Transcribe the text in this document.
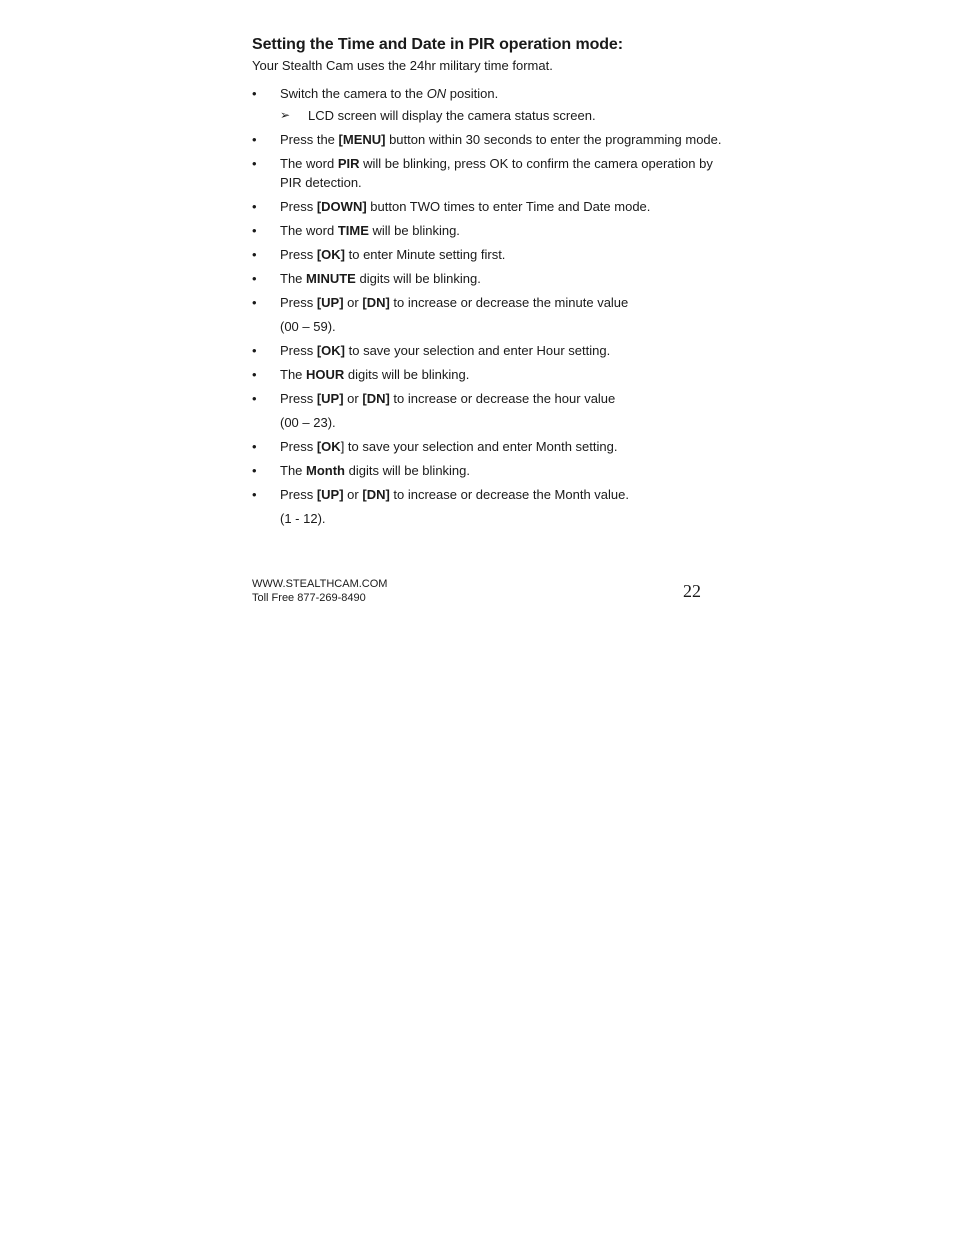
Setting the Time and Date in PIR operation mode:

Your Stealth Cam uses the 24hr military time format.

•	Switch the camera to the ON position.
➢ LCD screen will display the camera status screen.
•	Press the [MENU] button within 30 seconds to enter the programming mode.
•	The word PIR will be blinking, press OK to confirm the camera operation by PIR detection.
•	Press [DOWN] button TWO times to enter Time and Date mode.
•	The word TIME will be blinking.
•	Press [OK] to enter Minute setting first.
•	The MINUTE digits will be blinking.
•	Press [UP] or [DN] to increase or decrease the minute value
(00 – 59).
•	Press [OK] to save your selection and enter Hour setting.
•	The HOUR digits will be blinking.
•	Press [UP] or [DN] to increase or decrease the hour value
(00 – 23).
•	Press [OK] to save your selection and enter Month setting.
•	The Month digits will be blinking.
•	Press [UP] or [DN] to increase or decrease the Month value.
(1 - 12).
WWW.STEALTHCAM.COM
Toll Free 877-269-8490	22
